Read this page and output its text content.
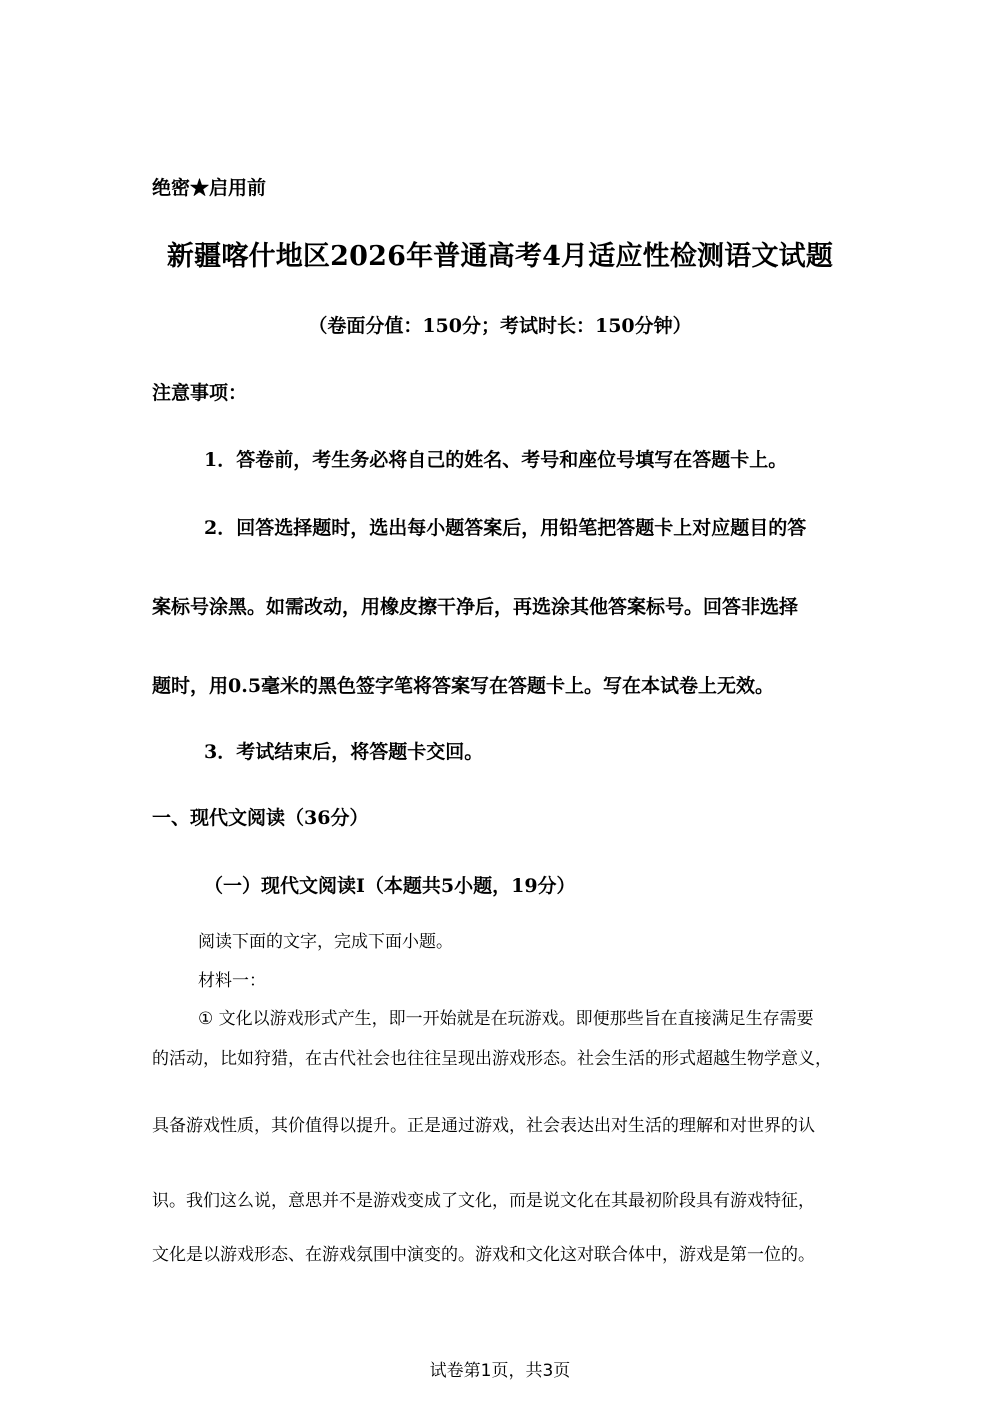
绝密★启用前
新疆喀什地区2026年普通高考4月适应性检测语文试题
（卷面分值：150分；考试时长：150分钟）
注意事项：
1．答卷前，考生务必将自己的姓名、考号和座位号填写在答题卡上。
2．回答选择题时，选出每小题答案后，用铅笔把答题卡上对应题目的答
案标号涂黑。如需改动，用橡皮擦干净后，再选涂其他答案标号。回答非选择
题时，用0.5毫米的黑色签字笔将答案写在答题卡上。写在本试卷上无效。
3．考试结束后，将答题卡交回。
一、现代文阅读（36分）
（一）现代文阅读I（本题共5小题，19分）
阅读下面的文字，完成下面小题。
材料一：
① 文化以游戏形式产生，即一开始就是在玩游戏。即便那些旨在直接满足生存需要
的活动，比如狩猎，在古代社会也往往呈现出游戏形态。社会生活的形式超越生物学意义，
具备游戏性质，其价值得以提升。正是通过游戏，社会表达出对生活的理解和对世界的认
识。我们这么说，意思并不是游戏变成了文化，而是说文化在其最初阶段具有游戏特征，
文化是以游戏形态、在游戏氛围中演变的。游戏和文化这对联合体中，游戏是第一位的。
试卷第1页，共3页
